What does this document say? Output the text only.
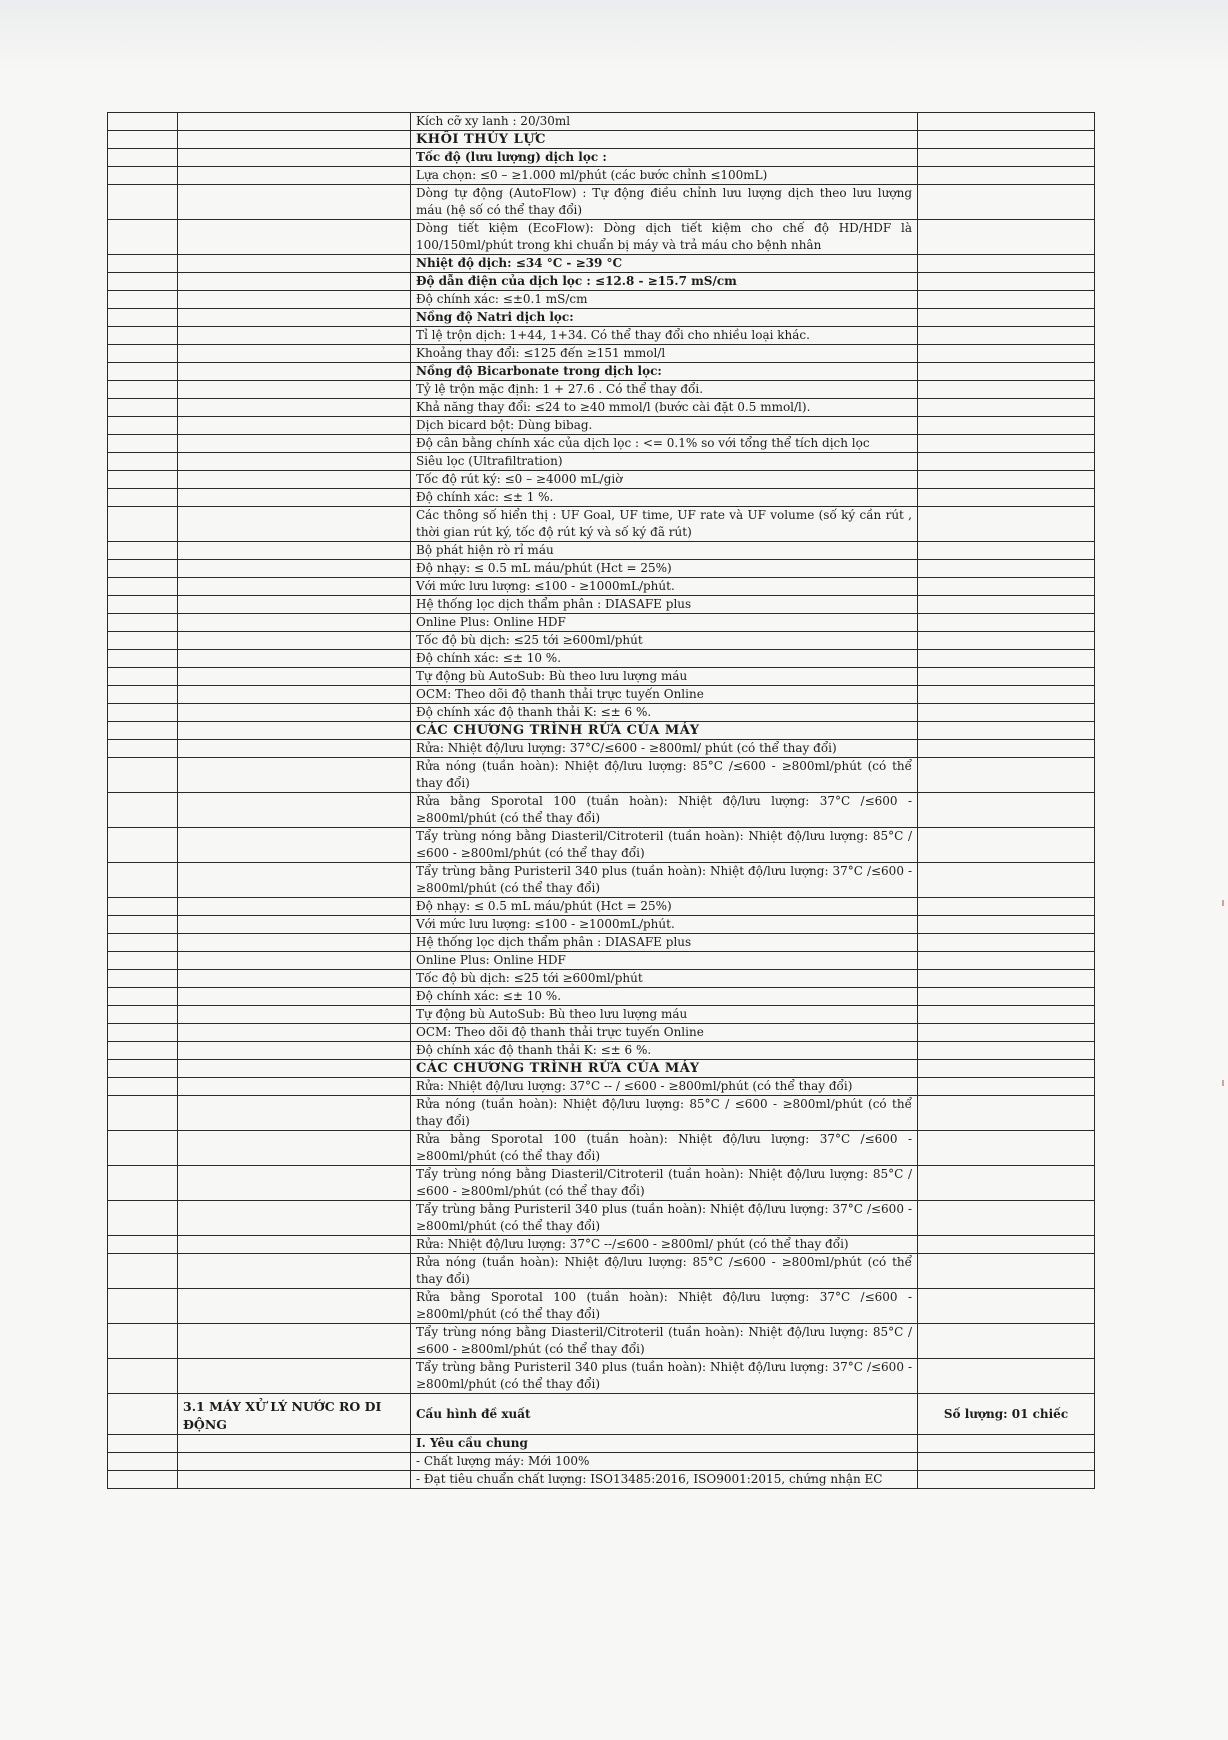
		Kích cỡ xy lanh : 20/30ml	
		KHỐI THỦY LỰC	
		Tốc độ (lưu lượng) dịch lọc :	
		Lựa chọn: ≤0 – ≥1.000 ml/phút (các bước chỉnh ≤100mL)	
		Dòng tự động (AutoFlow) : Tự động điều chỉnh lưu lượng dịch theo lưu lượng máu (hệ số có thể thay đổi)	
		Dòng tiết kiệm (EcoFlow): Dòng dịch tiết kiệm cho chế độ HD/HDF là 100/150ml/phút trong khi chuẩn bị máy và trả máu cho bệnh nhân	
		Nhiệt độ dịch: ≤34 °C - ≥39 °C	
		Độ dẫn điện của dịch lọc : ≤12.8 - ≥15.7 mS/cm	
		Độ chính xác: ≤±0.1 mS/cm	
		Nồng độ Natri dịch lọc:	
		Tỉ lệ trộn dịch: 1+44, 1+34. Có thể thay đổi cho nhiều loại khác.	
		Khoảng thay đổi: ≤125 đến ≥151 mmol/l	
		Nồng độ Bicarbonate trong dịch lọc:	
		Tỷ lệ trộn mặc định: 1 + 27.6 . Có thể thay đổi.	
		Khả năng thay đổi: ≤24 to ≥40 mmol/l (bước cài đặt 0.5 mmol/l).	
		Dịch bicard bột: Dùng bibag.	
		Độ cân bằng chính xác của dịch lọc : <= 0.1% so với tổng thể tích dịch lọc	
		Siêu lọc (Ultrafiltration)	
		Tốc độ rút ký: ≤0 – ≥4000 mL/giờ	
		Độ chính xác: ≤± 1 %.	
		Các thông số hiển thị : UF Goal, UF time, UF rate và UF volume (số ký cần rút , thời gian rút ký, tốc độ rút ký và số ký đã rút)	
		Bộ phát hiện rò rỉ máu	
		Độ nhạy: ≤ 0.5 mL máu/phút (Hct = 25%)	
		Với mức lưu lượng: ≤100 - ≥1000mL/phút.	
		Hệ thống lọc dịch thẩm phân : DIASAFE plus	
		Online Plus: Online HDF	
		Tốc độ bù dịch: ≤25 tới ≥600ml/phút	
		Độ chính xác: ≤± 10 %.	
		Tự động bù AutoSub: Bù theo lưu lượng máu	
		OCM: Theo dõi độ thanh thải trực tuyến Online	
		Độ chính xác độ thanh thải K: ≤± 6 %.	
		CÁC CHƯƠNG TRÌNH RỬA CỦA MÁY	
		Rửa: Nhiệt độ/lưu lượng: 37°C/≤600 - ≥800ml/ phút (có thể thay đổi)	
		Rửa nóng (tuần hoàn): Nhiệt độ/lưu lượng: 85°C /≤600 - ≥800ml/phút (có thể thay đổi)	
		Rửa bằng Sporotal 100 (tuần hoàn): Nhiệt độ/lưu lượng: 37°C /≤600 - ≥800ml/phút (có thể thay đổi)	
		Tẩy trùng nóng bằng Diasteril/Citroteril (tuần hoàn): Nhiệt độ/lưu lượng: 85°C /≤600 - ≥800ml/phút (có thể thay đổi)	
		Tẩy trùng bằng Puristeril 340 plus (tuần hoàn): Nhiệt độ/lưu lượng: 37°C /≤600 - ≥800ml/phút (có thể thay đổi)	
		Độ nhạy: ≤ 0.5 mL máu/phút (Hct = 25%)	
		Với mức lưu lượng: ≤100 - ≥1000mL/phút.	
		Hệ thống lọc dịch thẩm phân : DIASAFE plus	
		Online Plus: Online HDF	
		Tốc độ bù dịch: ≤25 tới ≥600ml/phút	
		Độ chính xác: ≤± 10 %.	
		Tự động bù AutoSub: Bù theo lưu lượng máu	
		OCM: Theo dõi độ thanh thải trực tuyến Online	
		Độ chính xác độ thanh thải K: ≤± 6 %.	
		CÁC CHƯƠNG TRÌNH RỬA CỦA MÁY	
		Rửa: Nhiệt độ/lưu lượng: 37°C -- / ≤600 - ≥800ml/phút (có thể thay đổi)	
		Rửa nóng (tuần hoàn): Nhiệt độ/lưu lượng: 85°C / ≤600 - ≥800ml/phút (có thể thay đổi)	
		Rửa bằng Sporotal 100 (tuần hoàn): Nhiệt độ/lưu lượng: 37°C /≤600 - ≥800ml/phút (có thể thay đổi)	
		Tẩy trùng nóng bằng Diasteril/Citroteril (tuần hoàn): Nhiệt độ/lưu lượng: 85°C /≤600 - ≥800ml/phút (có thể thay đổi)	
		Tẩy trùng bằng Puristeril 340 plus (tuần hoàn): Nhiệt độ/lưu lượng: 37°C /≤600 - ≥800ml/phút (có thể thay đổi)	
		Rửa: Nhiệt độ/lưu lượng: 37°C --/≤600 - ≥800ml/ phút (có thể thay đổi)	
		Rửa nóng (tuần hoàn): Nhiệt độ/lưu lượng: 85°C /≤600 - ≥800ml/phút (có thể thay đổi)	
		Rửa bằng Sporotal 100 (tuần hoàn): Nhiệt độ/lưu lượng: 37°C /≤600 - ≥800ml/phút (có thể thay đổi)	
		Tẩy trùng nóng bằng Diasteril/Citroteril (tuần hoàn): Nhiệt độ/lưu lượng: 85°C /≤600 - ≥800ml/phút (có thể thay đổi)	
		Tẩy trùng bằng Puristeril 340 plus (tuần hoàn): Nhiệt độ/lưu lượng: 37°C /≤600 - ≥800ml/phút (có thể thay đổi)	
	3.1 MÁY XỬ LÝ NƯỚC RO DI ĐỘNG	Cấu hình đề xuất	Số lượng: 01 chiếc
		I. Yêu cầu chung	
		- Chất lượng máy: Mới 100%	
		- Đạt tiêu chuẩn chất lượng: ISO13485:2016, ISO9001:2015, chứng nhận EC	
